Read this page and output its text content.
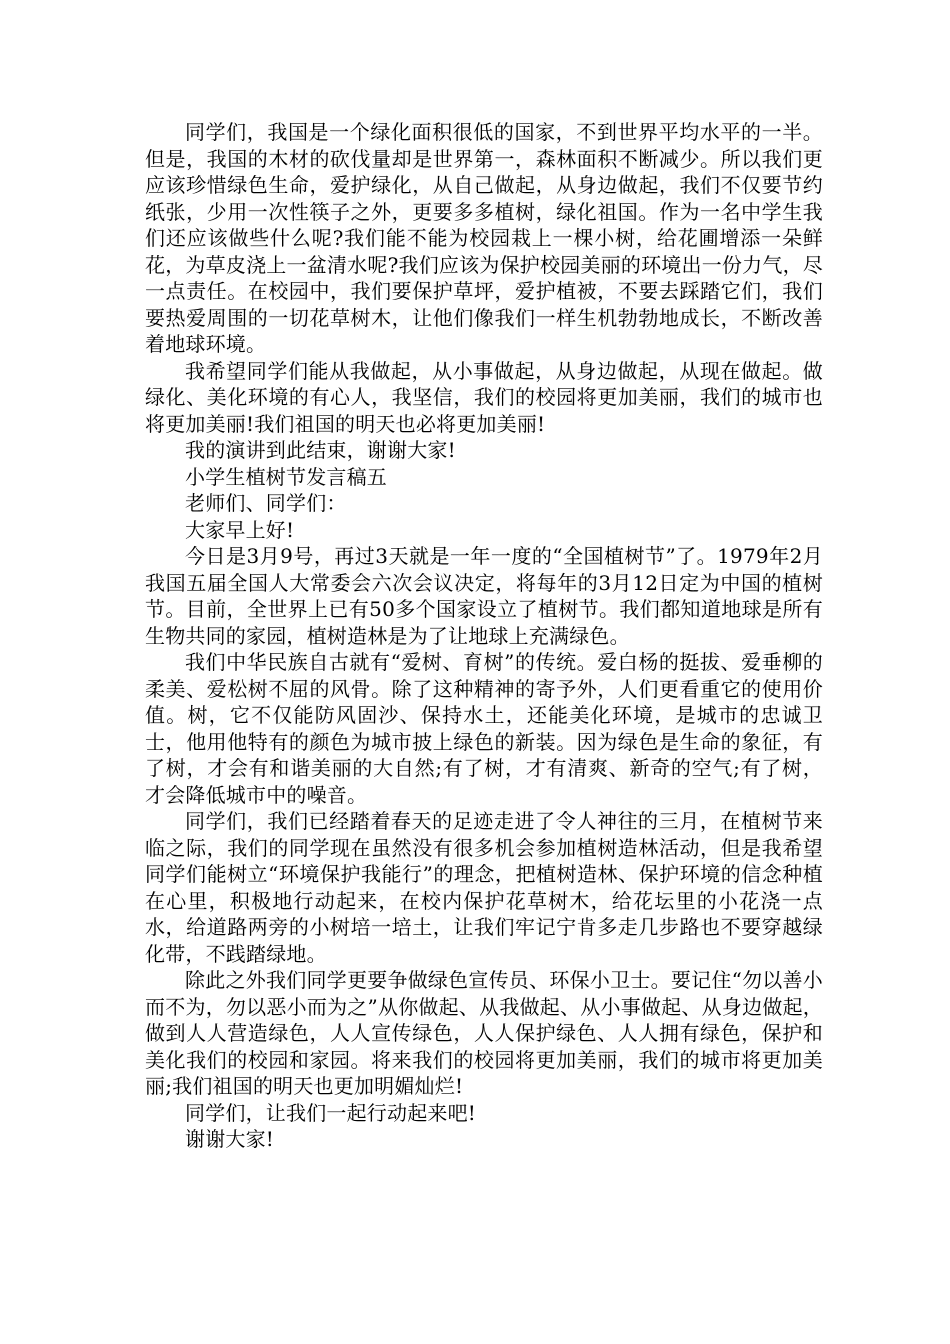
同学们，我国是一个绿化面积很低的国家，不到世界平均水平的一半。但是，我国的木材的砍伐量却是世界第一，森林面积不断减少。所以我们更应该珍惜绿色生命，爱护绿化，从自己做起，从身边做起，我们不仅要节约纸张，少用一次性筷子之外，更要多多植树，绿化祖国。作为一名中学生我们还应该做些什么呢?我们能不能为校园栽上一棵小树，给花圃增添一朵鲜花，为草皮浇上一盆清水呢?我们应该为保护校园美丽的环境出一份力气，尽一点责任。在校园中，我们要保护草坪，爱护植被，不要去踩踏它们，我们要热爱周围的一切花草树木，让他们像我们一样生机勃勃地成长，不断改善着地球环境。

我希望同学们能从我做起，从小事做起，从身边做起，从现在做起。做绿化、美化环境的有心人，我坚信，我们的校园将更加美丽，我们的城市也将更加美丽!我们祖国的明天也必将更加美丽!

我的演讲到此结束，谢谢大家!

小学生植树节发言稿五

老师们、同学们：

大家早上好!

今日是3月9号，再过3天就是一年一度的“全国植树节”了。1979年2月我国五届全国人大常委会六次会议决定，将每年的3月12日定为中国的植树节。目前，全世界上已有50多个国家设立了植树节。我们都知道地球是所有生物共同的家园，植树造林是为了让地球上充满绿色。

我们中华民族自古就有“爱树、育树”的传统。爱白杨的挺拔、爱垂柳的柔美、爱松树不屈的风骨。除了这种精神的寄予外，人们更看重它的使用价值。树，它不仅能防风固沙、保持水土，还能美化环境，是城市的忠诚卫士，他用他特有的颜色为城市披上绿色的新装。因为绿色是生命的象征，有了树，才会有和谐美丽的大自然;有了树，才有清爽、新奇的空气;有了树，才会降低城市中的噪音。

同学们，我们已经踏着春天的足迹走进了令人神往的三月，在植树节来临之际，我们的同学现在虽然没有很多机会参加植树造林活动，但是我希望同学们能树立“环境保护我能行”的理念，把植树造林、保护环境的信念种植在心里，积极地行动起来，在校内保护花草树木，给花坛里的小花浇一点水，给道路两旁的小树培一培土，让我们牢记宁肯多走几步路也不要穿越绿化带，不践踏绿地。

除此之外我们同学更要争做绿色宣传员、环保小卫士。要记住“勿以善小而不为，勿以恶小而为之”从你做起、从我做起、从小事做起、从身边做起，做到人人营造绿色，人人宣传绿色，人人保护绿色、人人拥有绿色，保护和美化我们的校园和家园。将来我们的校园将更加美丽，我们的城市将更加美丽;我们祖国的明天也更加明媚灿烂!

同学们，让我们一起行动起来吧!

谢谢大家!
